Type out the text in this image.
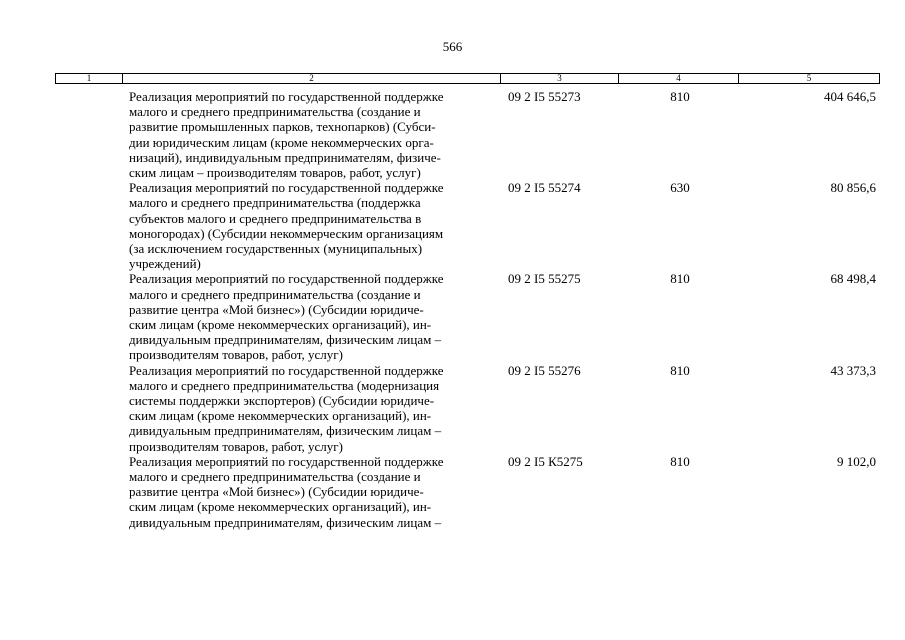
566
1	2	3	4	5
Реализация мероприятий по государственной поддержке
малого и среднего предпринимательства (создание и
развитие промышленных парков, технопарков) (Субси-
дии юридическим лицам (кроме некоммерческих орга-
низаций), индивидуальным предпринимателям, физиче-
ским лицам – производителям товаров, работ, услуг)
09 2 I5 55273	810	404 646,5
Реализация мероприятий по государственной поддержке
малого и среднего предпринимательства (поддержка
субъектов малого и среднего предпринимательства в
моногородах) (Субсидии некоммерческим организациям
(за исключением государственных (муниципальных)
учреждений)
09 2 I5 55274	630	80 856,6
Реализация мероприятий по государственной поддержке
малого и среднего предпринимательства (создание и
развитие центра «Мой бизнес») (Субсидии юридиче-
ским лицам (кроме некоммерческих организаций), ин-
дивидуальным предпринимателям, физическим лицам –
производителям товаров, работ, услуг)
09 2 I5 55275	810	68 498,4
Реализация мероприятий по государственной поддержке
малого и среднего предпринимательства (модернизация
системы поддержки экспортеров) (Субсидии юридиче-
ским лицам (кроме некоммерческих организаций), ин-
дивидуальным предпринимателям, физическим лицам –
производителям товаров, работ, услуг)
09 2 I5 55276	810	43 373,3
Реализация мероприятий по государственной поддержке
малого и среднего предпринимательства (создание и
развитие центра «Мой бизнес») (Субсидии юридиче-
ским лицам (кроме некоммерческих организаций), ин-
дивидуальным предпринимателям, физическим лицам –
09 2 I5 К5275	810	9 102,0
